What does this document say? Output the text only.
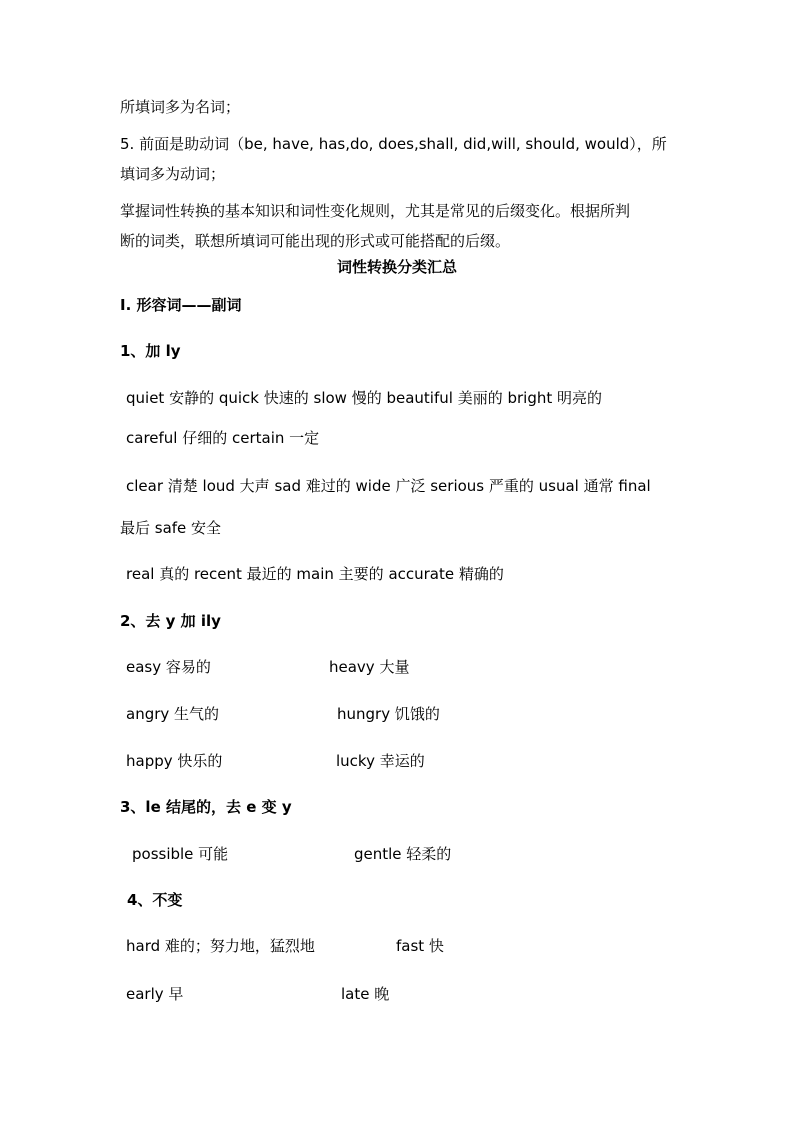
所填词多为名词；
5. 前面是助动词（be, have, has,do, does,shall, did,will, should, would），所
填词多为动词；
掌握词性转换的基本知识和词性变化规则，尤其是常见的后缀变化。根据所判
断的词类，联想所填词可能出现的形式或可能搭配的后缀。
词性转换分类汇总
I. 形容词——副词
1、加 ly
quiet 安静的 quick 快速的 slow 慢的 beautiful 美丽的 bright 明亮的
careful 仔细的 certain 一定
clear 清楚 loud 大声 sad 难过的 wide 广泛 serious 严重的 usual 通常 final
最后 safe 安全
real 真的 recent 最近的 main 主要的 accurate 精确的
2、去 y 加 ily
easy 容易的	heavy 大量
angry 生气的	hungry 饥饿的
happy 快乐的	lucky 幸运的
3、le 结尾的，去 e 变 y
possible 可能	gentle 轻柔的
4、不变
hard 难的；努力地，猛烈地	fast 快
early 早	late 晚
